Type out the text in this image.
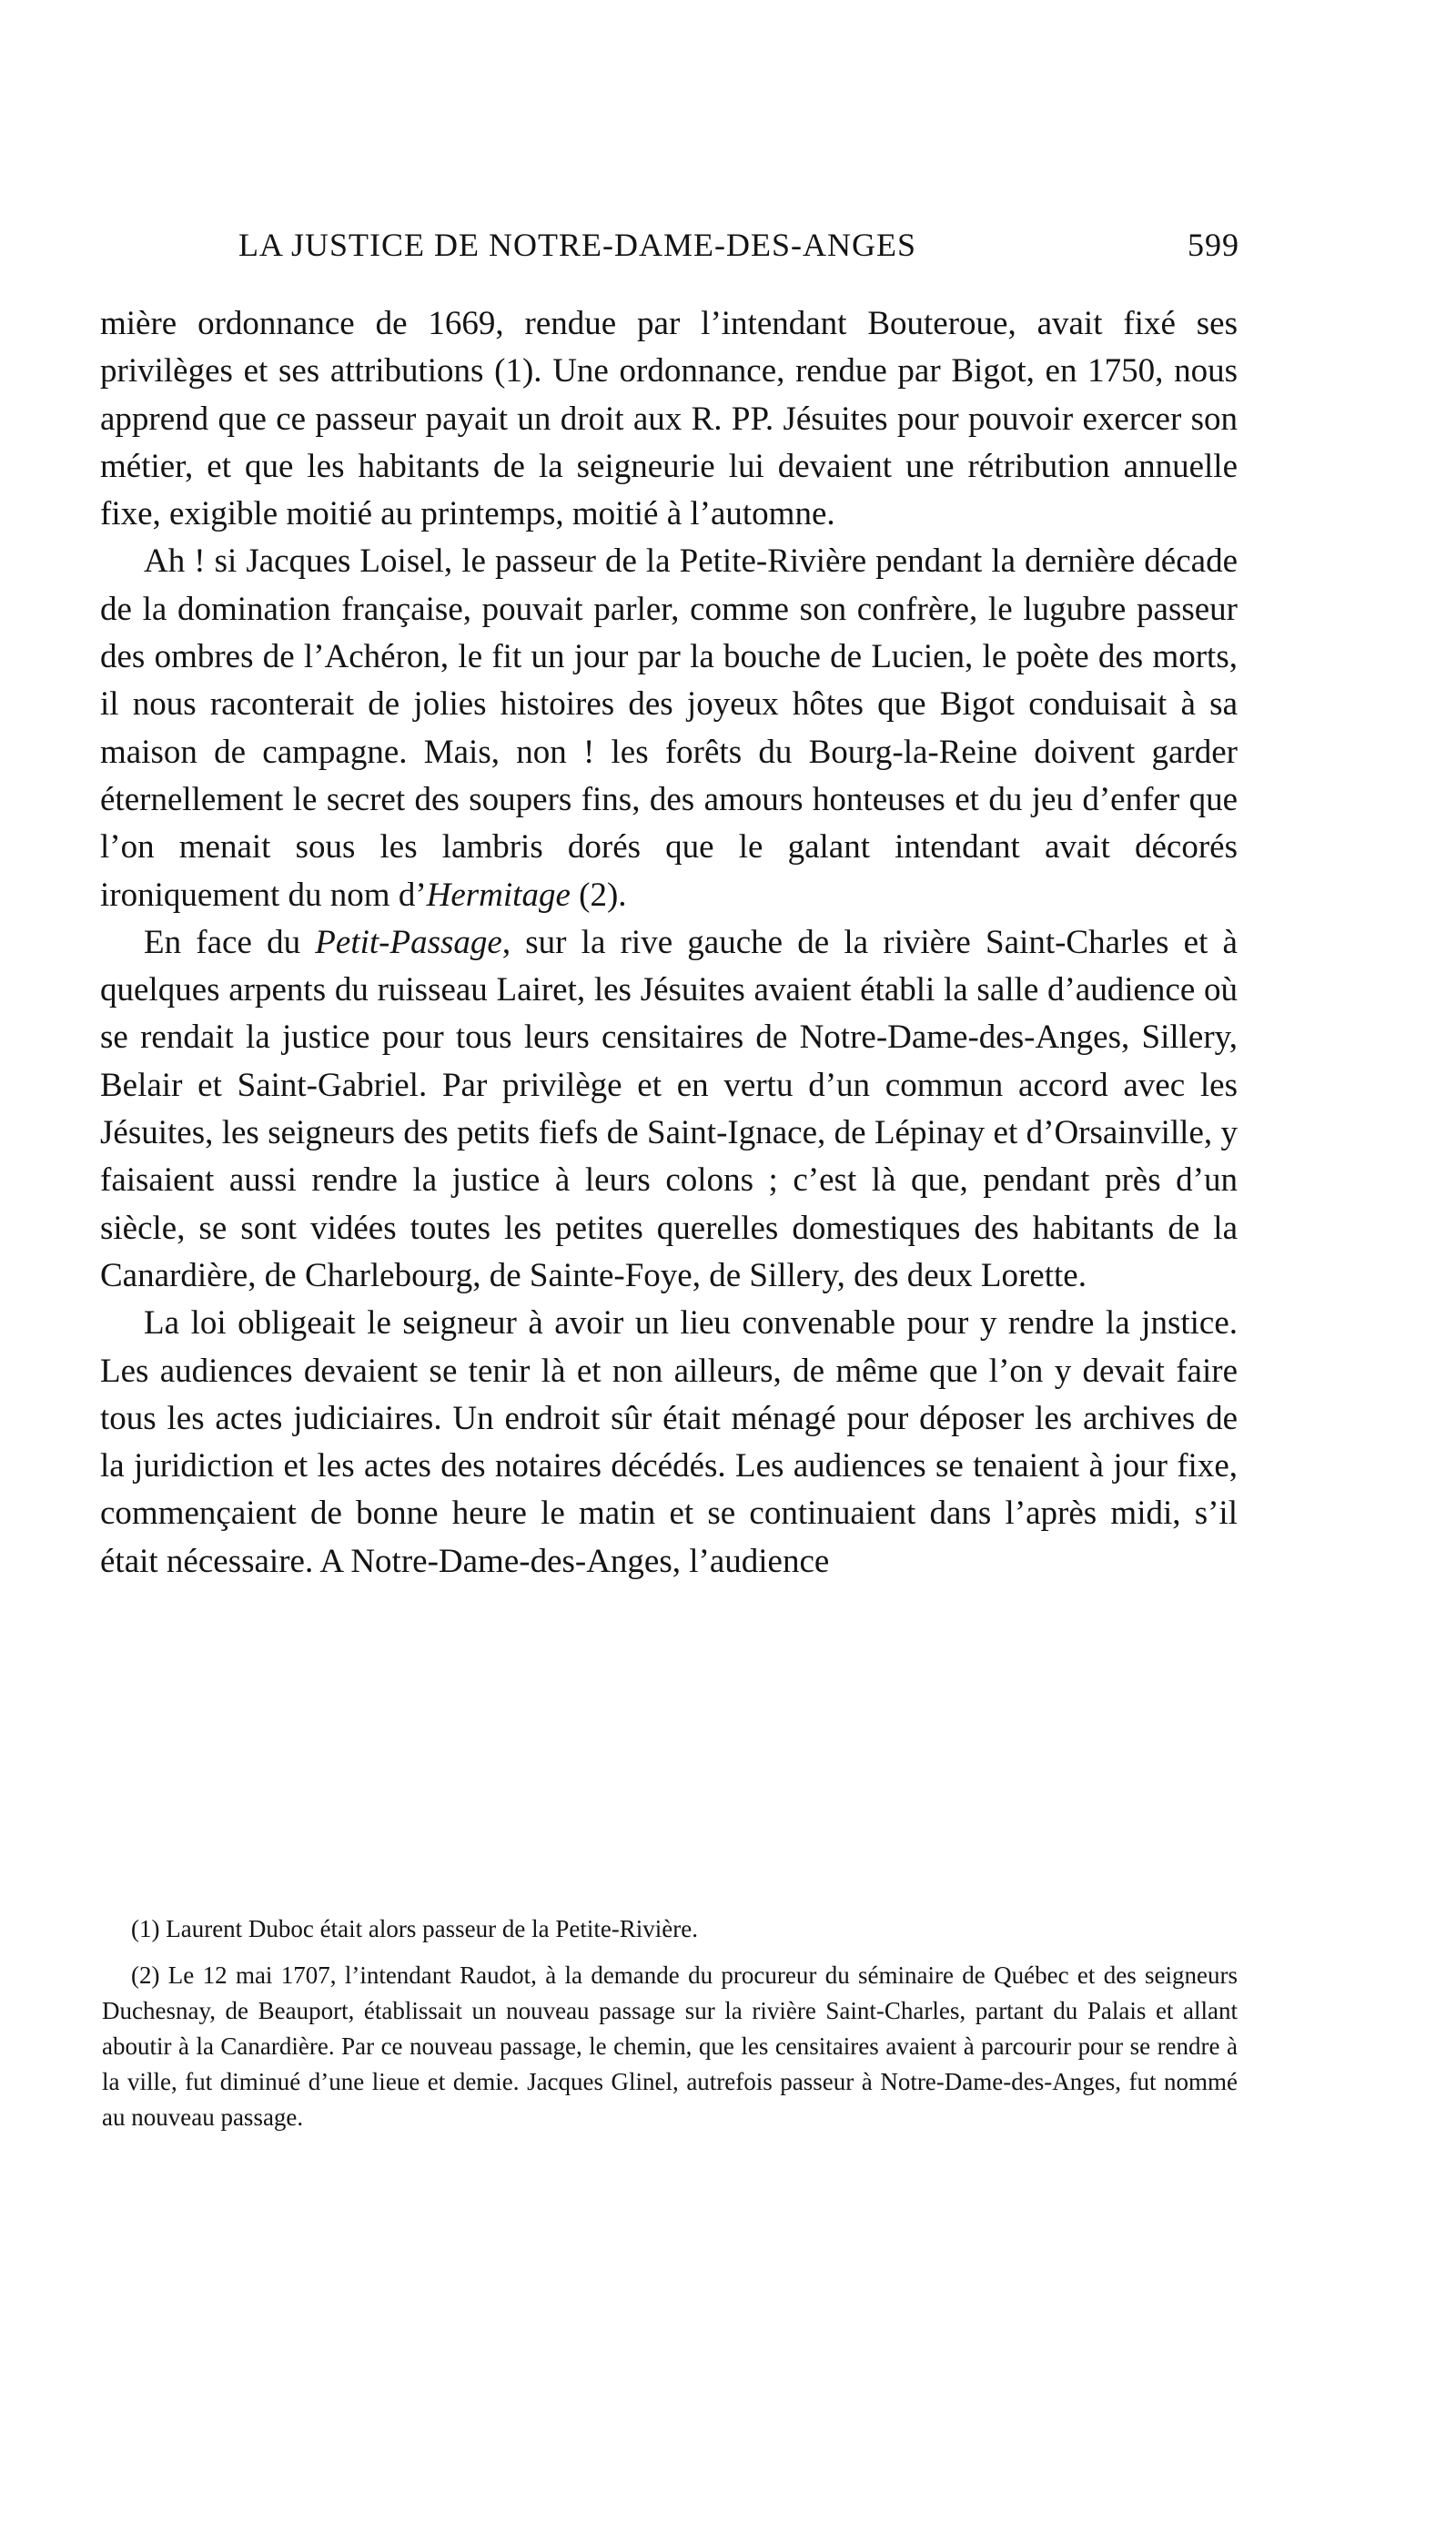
LA JUSTICE DE NOTRE-DAME-DES-ANGES	599

mière ordonnance de 1669, rendue par l’intendant Bouteroue, avait fixé ses privilèges et ses attributions (1). Une ordonnance, rendue par Bigot, en 1750, nous apprend que ce passeur payait un droit aux R. PP. Jésuites pour pouvoir exercer son métier, et que les habitants de la seigneurie lui devaient une rétribution annuelle fixe, exigible moitié au printemps, moitié à l’automne.

Ah ! si Jacques Loisel, le passeur de la Petite-Rivière pendant la dernière décade de la domination française, pouvait parler, comme son confrère, le lugubre passeur des ombres de l’Achéron, le fit un jour par la bouche de Lucien, le poète des morts, il nous raconterait de jolies histoires des joyeux hôtes que Bigot conduisait à sa maison de campagne. Mais, non ! les forêts du Bourg-la-Reine doivent garder éternellement le secret des soupers fins, des amours honteuses et du jeu d’enfer que l’on menait sous les lambris dorés que le galant intendant avait décorés ironiquement du nom d’Hermitage (2).

En face du Petit-Passage, sur la rive gauche de la rivière Saint-Charles et à quelques arpents du ruisseau Lairet, les Jésuites avaient établi la salle d’audience où se rendait la justice pour tous leurs censitaires de Notre-Dame-des-Anges, Sillery, Belair et Saint-Gabriel. Par privilège et en vertu d’un commun accord avec les Jésuites, les seigneurs des petits fiefs de Saint-Ignace, de Lépinay et d’Orsainville, y faisaient aussi rendre la justice à leurs colons ; c’est là que, pendant près d’un siècle, se sont vidées toutes les petites querelles domestiques des habitants de la Canardière, de Charlebourg, de Sainte-Foye, de Sillery, des deux Lorette.

La loi obligeait le seigneur à avoir un lieu convenable pour y rendre la jnstice. Les audiences devaient se tenir là et non ailleurs, de même que l’on y devait faire tous les actes judiciaires. Un endroit sûr était ménagé pour déposer les archives de la juridiction et les actes des notaires décédés. Les audiences se tenaient à jour fixe, commençaient de bonne heure le matin et se continuaient dans l’après midi, s’il était nécessaire. A Notre-Dame-des-Anges, l’audience

(1) Laurent Duboc était alors passeur de la Petite-Rivière.

(2) Le 12 mai 1707, l’intendant Raudot, à la demande du procureur du séminaire de Québec et des seigneurs Duchesnay, de Beauport, établissait un nouveau passage sur la rivière Saint-Charles, partant du Palais et allant aboutir à la Canardière. Par ce nouveau passage, le chemin, que les censitaires avaient à parcourir pour se rendre à la ville, fut diminué d’une lieue et demie. Jacques Glinel, autrefois passeur à Notre-Dame-des-Anges, fut nommé au nouveau passage.
